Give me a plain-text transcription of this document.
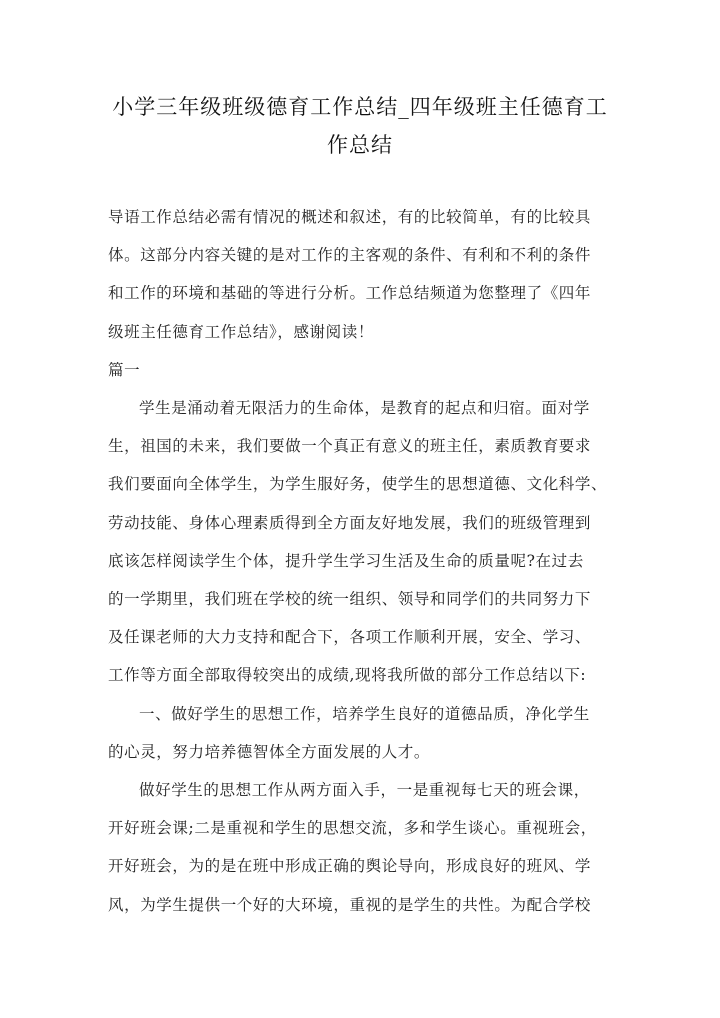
小学三年级班级德育工作总结_四年级班主任德育工
作总结

导语工作总结必需有情况的概述和叙述，有的比较简单，有的比较具
体。这部分内容关键的是对工作的主客观的条件、有利和不利的条件
和工作的环境和基础的等进行分析。工作总结频道为您整理了《四年
级班主任德育工作总结》，感谢阅读！

篇一

学生是涌动着无限活力的生命体，是教育的起点和归宿。面对学
生，祖国的未来，我们要做一个真正有意义的班主任，素质教育要求
我们要面向全体学生，为学生服好务，使学生的思想道德、文化科学、
劳动技能、身体心理素质得到全方面友好地发展，我们的班级管理到
底该怎样阅读学生个体，提升学生学习生活及生命的质量呢?在过去
的一学期里，我们班在学校的统一组织、领导和同学们的共同努力下
及任课老师的大力支持和配合下，各项工作顺利开展，安全、学习、
工作等方面全部取得较突出的成绩,现将我所做的部分工作总结以下:

一、做好学生的思想工作，培养学生良好的道德品质，净化学生
的心灵，努力培养德智体全方面发展的人才。

做好学生的思想工作从两方面入手，一是重视每七天的班会课，
开好班会课;二是重视和学生的思想交流，多和学生谈心。重视班会，
开好班会，为的是在班中形成正确的舆论导向，形成良好的班风、学
风，为学生提供一个好的大环境，重视的是学生的共性。为配合学校
